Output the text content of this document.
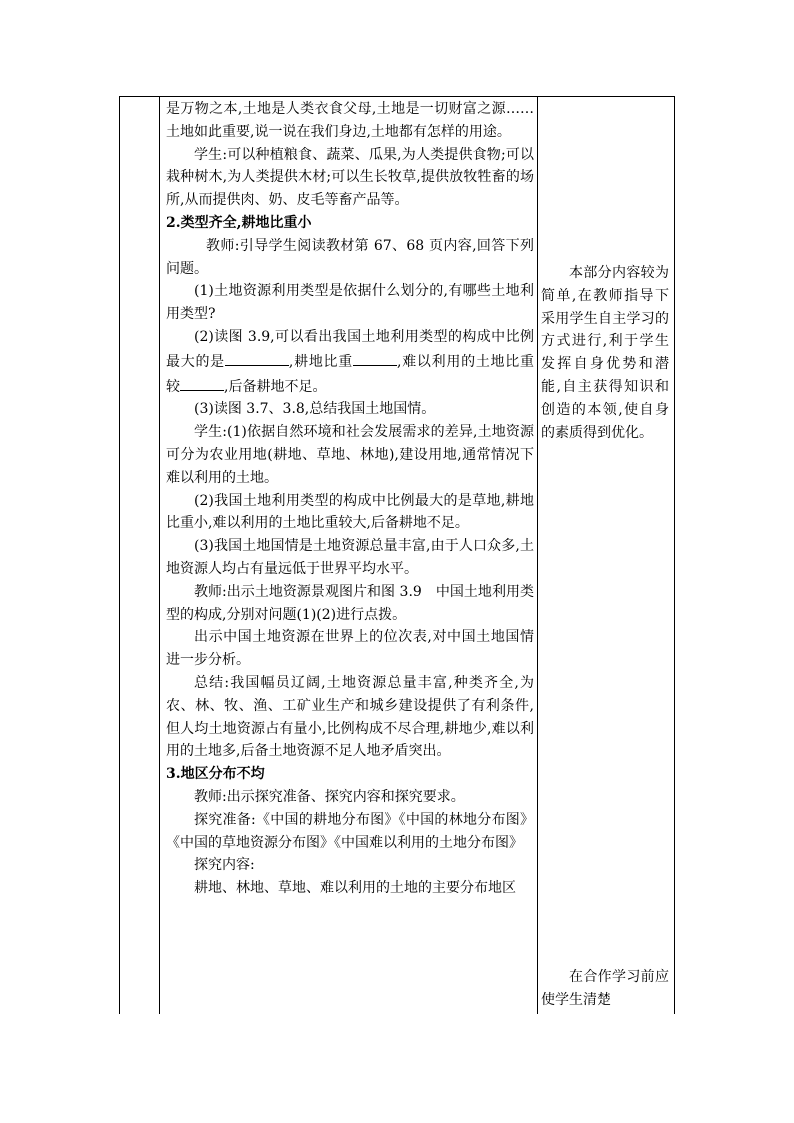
是万物之本,土地是人类衣食父母,土地是一切财富之源……土地如此重要,说一说在我们身边,土地都有怎样的用途。

学生:可以种植粮食、蔬菜、瓜果,为人类提供食物;可以栽种树木,为人类提供木材;可以生长牧草,提供放牧牲畜的场所,从而提供肉、奶、皮毛等畜产品等。

2.类型齐全,耕地比重小

教师:引导学生阅读教材第 67、68 页内容,回答下列问题。

(1)土地资源利用类型是依据什么划分的,有哪些土地利用类型?

(2)读图 3.9,可以看出我国土地利用类型的构成中比例最大的是	,耕地比重	,难以利用的土地比重较	,后备耕地不足。

(3)读图 3.7、3.8,总结我国土地国情。

学生:(1)依据自然环境和社会发展需求的差异,土地资源可分为农业用地(耕地、草地、林地),建设用地,通常情况下难以利用的土地。

(2)我国土地利用类型的构成中比例最大的是草地,耕地比重小,难以利用的土地比重较大,后备耕地不足。

(3)我国土地国情是土地资源总量丰富,由于人口众多,土地资源人均占有量远低于世界平均水平。

教师:出示土地资源景观图片和图 3.9　中国土地利用类型的构成,分别对问题(1)(2)进行点拨。

出示中国土地资源在世界上的位次表,对中国土地国情进一步分析。

总结:我国幅员辽阔,土地资源总量丰富,种类齐全,为农、林、牧、渔、工矿业生产和城乡建设提供了有利条件,但人均土地资源占有量小,比例构成不尽合理,耕地少,难以利用的土地多,后备土地资源不足人地矛盾突出。

3.地区分布不均

教师:出示探究准备、探究内容和探究要求。

探究准备:《中国的耕地分布图》《中国的林地分布图》《中国的草地资源分布图》《中国难以利用的土地分布图》

探究内容:

耕地、林地、草地、难以利用的土地的主要分布地区

本部分内容较为简单,在教师指导下采用学生自主学习的方式进行,利于学生发挥自身优势和潜能,自主获得知识和创造的本领,使自身的素质得到优化。

在合作学习前应使学生清楚
